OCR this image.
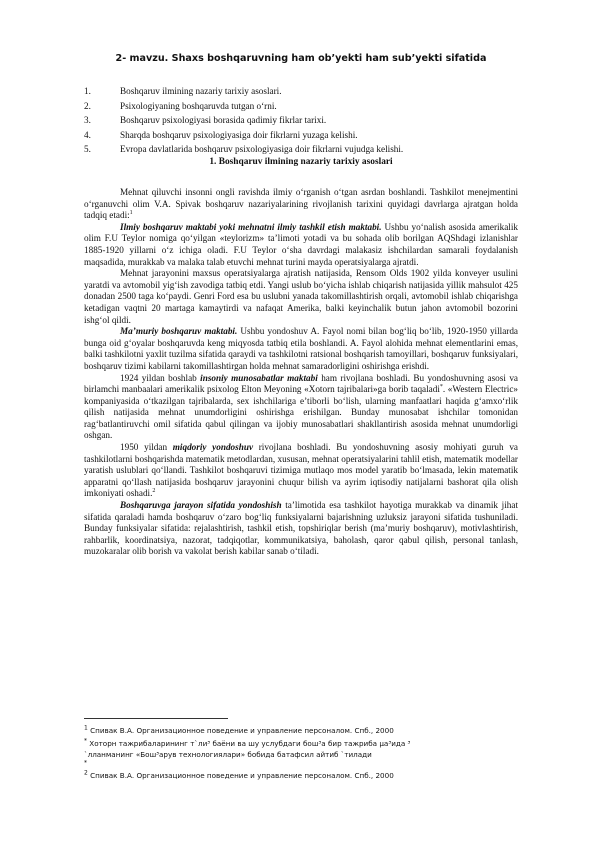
2- mavzu. Shaxs boshqaruvning ham ob’yekti ham sub’yekti sifatida
1.	Boshqaruv ilmining nazariy tarixiy asoslari.
2.	Psixologiyaning boshqaruvda tutgan oʻrni.
3.	Boshqaruv psixologiyasi borasida qadimiy fikrlar tarixi.
4.	Sharqda boshqaruv psixologiyasiga doir fikrlarni yuzaga kelishi.
5.	Evropa davlatlarida boshqaruv psixologiyasiga doir fikrlarni vujudga kelishi.
1. Boshqaruv ilmining nazariy tarixiy asoslari

Mehnat qiluvchi insonni ongli ravishda ilmiy oʻrganish oʻtgan asrdan boshlandi. Tashkilot menejmentini oʻrganuvchi olim V.A. Spivak boshqaruv nazariyalarining rivojlanish tarixini quyidagi davrlarga ajratgan holda tadqiq etadi:$^1$

Ilmiy boshqaruv maktabi yoki mehnatni ilmiy tashkil etish maktabi. Ushbu yoʻnalish asosida amerikalik olim F.U Teylor nomiga qoʻyilgan «teylorizm» ta’limoti yotadi va bu sohada olib borilgan AQShdagi izlanishlar 1885-1920 yillarni oʻz ichiga oladi. F.U Teylor oʻsha davrdagi malakasiz ishchilardan samarali foydalanish maqsadida, murakkab va malaka talab etuvchi mehnat turini mayda operatsiyalarga ajratdi.

Mehnat jarayonini maxsus operatsiyalarga ajratish natijasida, Rensom Olds 1902 yilda konveyer usulini yaratdi va avtomobil yigʻish zavodiga tatbiq etdi. Yangi uslub boʻyicha ishlab chiqarish natijasida yillik mahsulot 425 donadan 2500 taga koʻpaydi. Genri Ford esa bu uslubni yanada takomillashtirish orqali, avtomobil ishlab chiqarishga ketadigan vaqtni 20 martaga kamaytirdi va nafaqat Amerika, balki keyinchalik butun jahon avtomobil bozorini ishgʻol qildi.

Ma’muriy boshqaruv maktabi. Ushbu yondoshuv A. Fayol nomi bilan bogʻliq boʻlib, 1920-1950 yillarda bunga oid gʻoyalar boshqaruvda keng miqyosda tatbiq etila boshlandi. A. Fayol alohida mehnat elementlarini emas, balki tashkilotni yaxlit tuzilma sifatida qaraydi va tashkilotni ratsional boshqarish tamoyillari, boshqaruv funksiyalari, boshqaruv tizimi kabilarni takomillashtirgan holda mehnat samaradorligini oshirishga erishdi.

1924 yildan boshlab insoniy munosabatlar maktabi ham rivojlana boshladi. Bu yondoshuvning asosi va birlamchi manbaalari amerikalik psixolog Elton Meyoning «Xotorn tajribalari»ga borib taqaladi*. «Western Electric» kompaniyasida oʻtkazilgan tajribalarda, sex ishchilariga e’tiborli boʻlish, ularning manfaatlari haqida gʻamxoʻrlik qilish natijasida mehnat unumdorligini oshirishga erishilgan. Bunday munosabat ishchilar tomonidan ragʻbatlantiruvchi omil sifatida qabul qilingan va ijobiy munosabatlari shakllantirish asosida mehnat unumdorligi oshgan.

1950 yildan miqdoriy yondoshuv rivojlana boshladi. Bu yondoshuvning asosiy mohiyati guruh va tashkilotlarni boshqarishda matematik metodlardan, xususan, mehnat operatsiyalarini tahlil etish, matematik modellar yaratish uslublari qoʻllandi. Tashkilot boshqaruvi tizimiga mutlaqo mos model yaratib boʻlmasada, lekin matematik apparatni qoʻllash natijasida boshqaruv jarayonini chuqur bilish va ayrim iqtisodiy natijalarni bashorat qila olish imkoniyati oshadi.$^2$

Boshqaruvga jarayon sifatida yondoshish ta’limotida esa tashkilot hayotiga murakkab va dinamik jihat sifatida qaraladi hamda boshqaruv oʻzaro bogʻliq funksiyalarni bajarishning uzluksiz jarayoni sifatida tushuniladi. Bunday funksiyalar sifatida: rejalashtirish, tashkil etish, topshiriqlar berish (ma’muriy boshqaruv), motivlashtirish, rahbarlik, koordinatsiya, nazorat, tadqiqotlar, kommunikatsiya, baholash, qaror qabul qilish, personal tanlash, muzokaralar olib borish va vakolat berish kabilar sanab oʻtiladi.

$^1$ Спивак В.А. Организационное поведение и управление персоналом. Спб., 2000
* Хоторн тажрибаларининг т`ли³ баёни ва шу услубдаги бош³а бир тажриба µа³ида ³
`лланманинг «Бош³арув технологиялари» бобида батафсил айтиб `тилади
*
$^2$ Спивак В.А. Организационное поведение и управление персоналом. Спб., 2000
